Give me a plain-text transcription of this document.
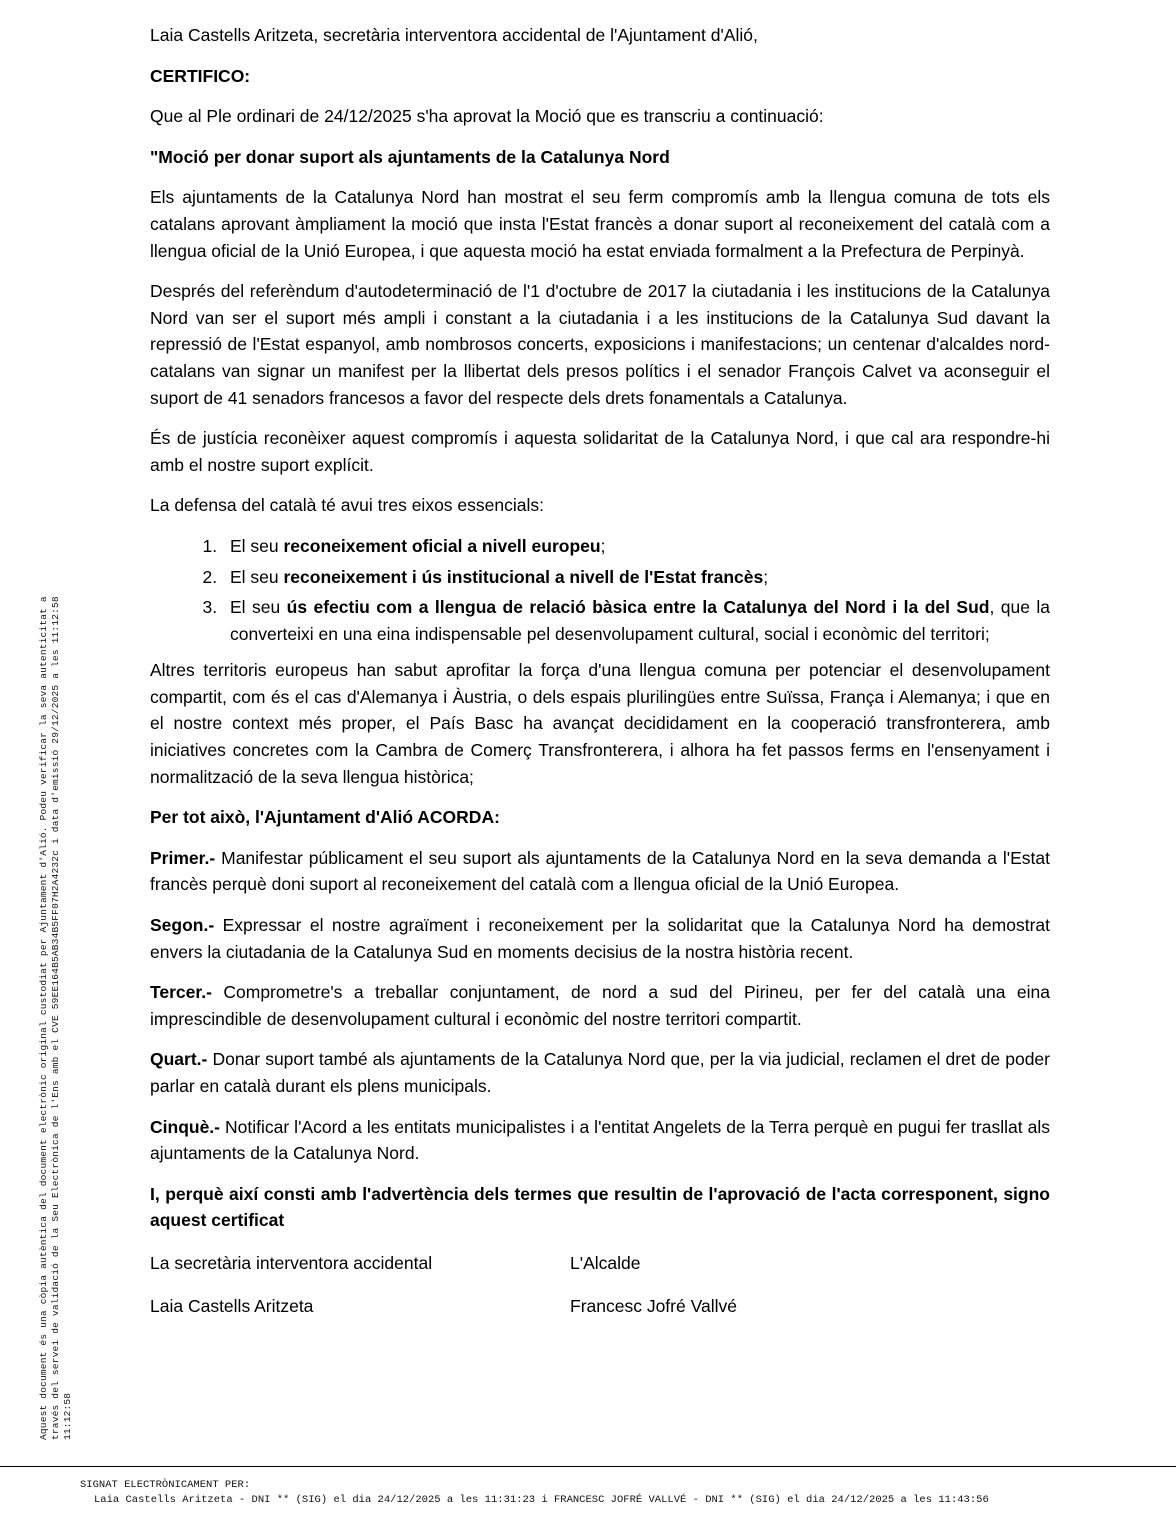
Aquest document és una còpia autèntica del document electrònic original custodiat per Ajuntament d'Alió. Podeu verificar la seva autenticitat a través del servei de validació de la Seu Electrònica de l'Ens amb el CVE 59EE164B5AB34B5FF07H2A4232c i data d'emissió 29/12/2025 a les 11:12:58 11:12:58

Laia Castells Aritzeta, secretària interventora accidental de l'Ajuntament d'Alió,

CERTIFICO:

Que al Ple ordinari de 24/12/2025 s'ha aprovat la Moció que es transcriu a continuació:

"Moció per donar suport als ajuntaments de la Catalunya Nord

Els ajuntaments de la Catalunya Nord han mostrat el seu ferm compromís amb la llengua comuna de tots els catalans aprovant àmpliament la moció que insta l'Estat francès a donar suport al reconeixement del català com a llengua oficial de la Unió Europea, i que aquesta moció ha estat enviada formalment a la Prefectura de Perpinyà.

Després del referèndum d'autodeterminació de l'1 d'octubre de 2017 la ciutadania i les institucions de la Catalunya Nord van ser el suport més ampli i constant a la ciutadania i a les institucions de la Catalunya Sud davant la repressió de l'Estat espanyol, amb nombrosos concerts, exposicions i manifestacions; un centenar d'alcaldes nord-catalans van signar un manifest per la llibertat dels presos polítics i el senador François Calvet va aconseguir el suport de 41 senadors francesos a favor del respecte dels drets fonamentals a Catalunya.

És de justícia reconèixer aquest compromís i aquesta solidaritat de la Catalunya Nord, i que cal ara respondre-hi amb el nostre suport explícit.

La defensa del català té avui tres eixos essencials:

1. El seu reconeixement oficial a nivell europeu;
2. El seu reconeixement i ús institucional a nivell de l'Estat francès;
3. El seu ús efectiu com a llengua de relació bàsica entre la Catalunya del Nord i la del Sud, que la converteixi en una eina indispensable pel desenvolupament cultural, social i econòmic del territori;

Altres territoris europeus han sabut aprofitar la força d'una llengua comuna per potenciar el desenvolupament compartit, com és el cas d'Alemanya i Àustria, o dels espais plurilingües entre Suïssa, França i Alemanya; i que en el nostre context més proper, el País Basc ha avançat decididament en la cooperació transfronterera, amb iniciatives concretes com la Cambra de Comerç Transfronterera, i alhora ha fet passos ferms en l'ensenyament i normalització de la seva llengua històrica;

Per tot això, l'Ajuntament d'Alió ACORDA:

Primer.- Manifestar públicament el seu suport als ajuntaments de la Catalunya Nord en la seva demanda a l'Estat francès perquè doni suport al reconeixement del català com a llengua oficial de la Unió Europea.

Segon.- Expressar el nostre agraïment i reconeixement per la solidaritat que la Catalunya Nord ha demostrat envers la ciutadania de la Catalunya Sud en moments decisius de la nostra història recent.

Tercer.- Comprometre's a treballar conjuntament, de nord a sud del Pirineu, per fer del català una eina imprescindible de desenvolupament cultural i econòmic del nostre territori compartit.

Quart.- Donar suport també als ajuntaments de la Catalunya Nord que, per la via judicial, reclamen el dret de poder parlar en català durant els plens municipals.

Cinquè.- Notificar l'Acord a les entitats municipalistes i a l'entitat Angelets de la Terra perquè en pugui fer trasllat als ajuntaments de la Catalunya Nord.

I, perquè així consti amb l'advertència dels termes que resultin de l'aprovació de l'acta corresponent, signo aquest certificat

La secretària interventora accidental	L'Alcalde
Laia Castells Aritzeta	Francesc Jofré Vallvé
SIGNAT ELECTRÒNICAMENT PER:
Laia Castells Aritzeta - DNI ** (SIG) el dia 24/12/2025 a les 11:31:23 i FRANCESC JOFRÉ VALLVÉ - DNI ** (SIG) el dia 24/12/2025 a les 11:43:56
